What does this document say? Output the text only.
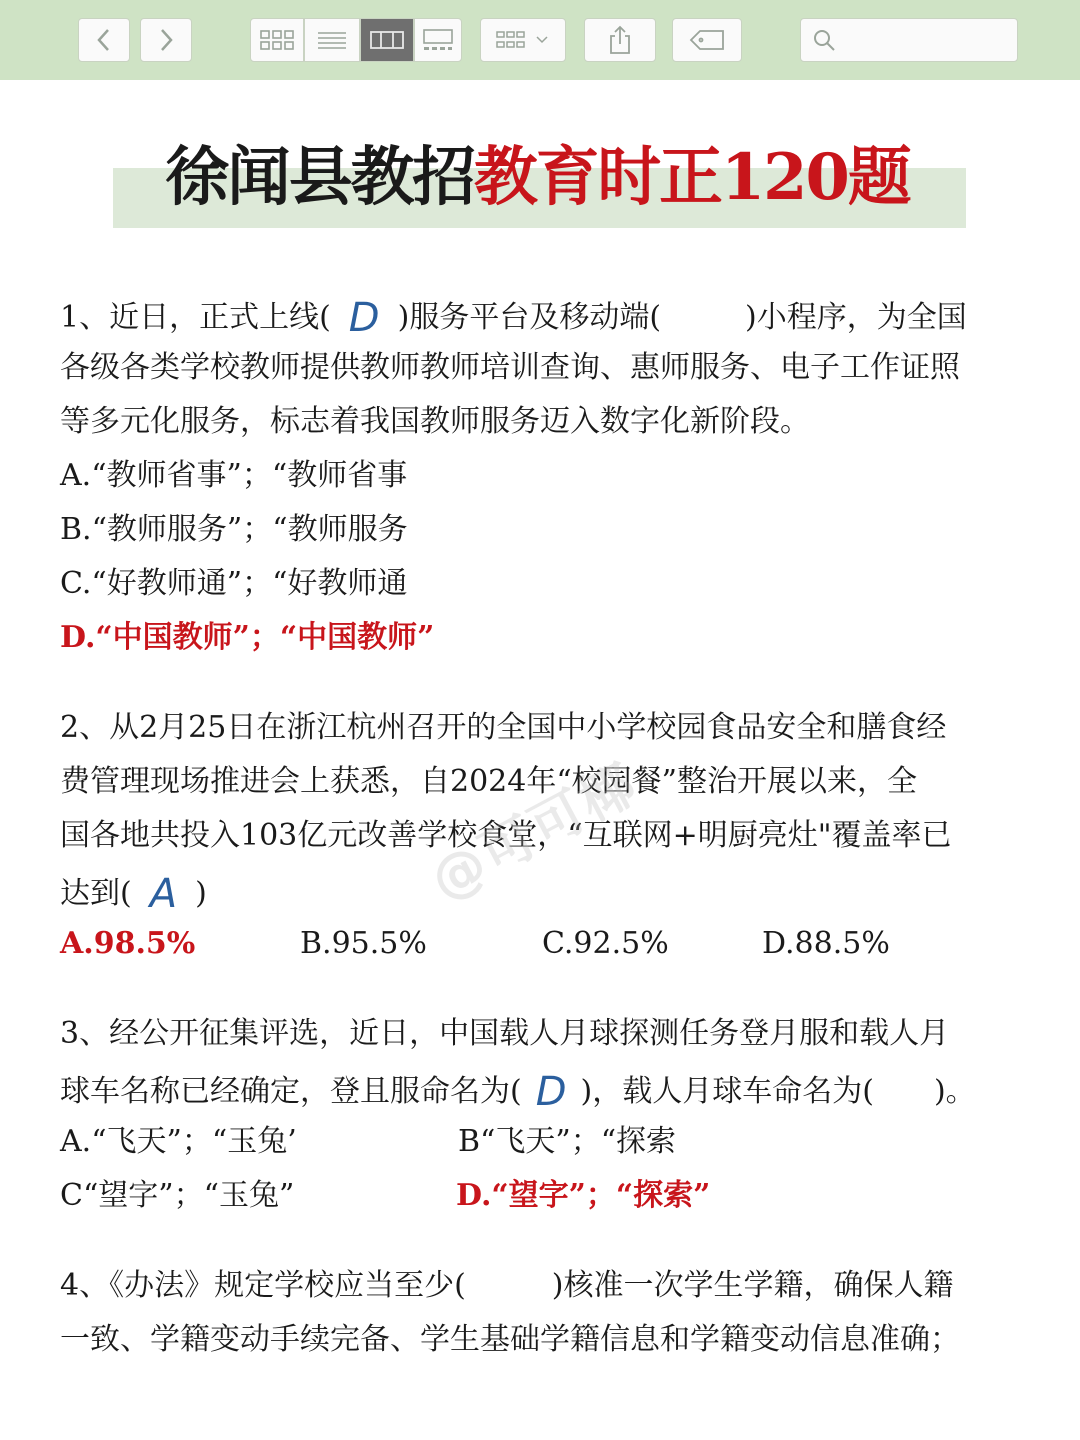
徐闻县教招教育时正120题
1、近日，正式上线( D )服务平台及移动端(	)小程序，为全国
各级各类学校教师提供教师教师培训查询、惠师服务、电子工作证照
等多元化服务，标志着我国教师服务迈入数字化新阶段。
A.“教师省事”；“教师省事
B.“教师服务”；“教师服务
C.“好教师通”；“好教师通
D.“中国教师”；“中国教师”
2、从2月25日在浙江杭州召开的全国中小学校园食品安全和膳食经
费管理现场推进会上获悉，自2024年“校园餐”整治开展以来，全
国各地共投入103亿元改善学校食堂，“互联网+明厨亮灶"覆盖率已
达到( A )
A.98.5%	B.95.5%	C.92.5%	D.88.5%
@可可椰
3、经公开征集评选，近日，中国载人月球探测任务登月服和载人月
球车名称已经确定，登且服命名为( D )，载人月球车命名为( )。
A.“飞天”；“玉兔’	B“飞天”；“探索
C“望字”；“玉兔”	D.“望字”；“探索”
4、《办法》规定学校应当至少(	)核准一次学生学籍，确保人籍
一致、学籍变动手续完备、学生基础学籍信息和学籍变动信息准确；
